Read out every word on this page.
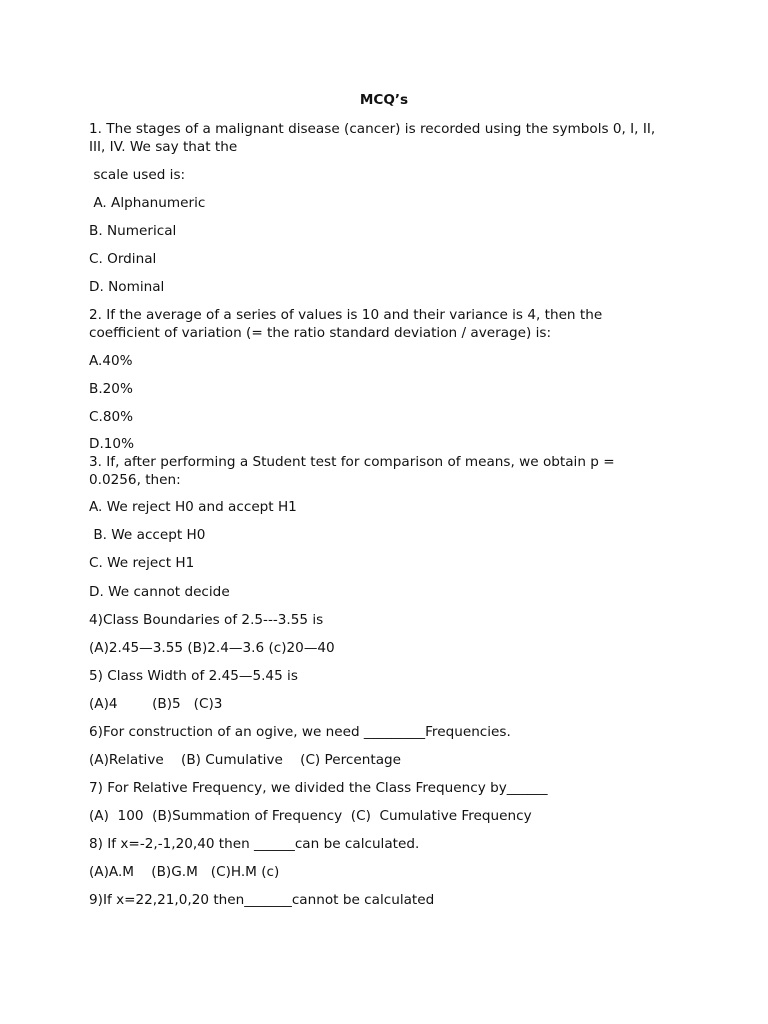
MCQ’s
1. The stages of a malignant disease (cancer) is recorded using the symbols 0, I, II,
III, IV. We say that the
scale used is:
A. Alphanumeric
B. Numerical
C. Ordinal
D. Nominal
2. If the average of a series of values is 10 and their variance is 4, then the
coefficient of variation (= the ratio standard deviation / average) is:
A.40%
B.20%
C.80%
D.10%
3. If, after performing a Student test for comparison of means, we obtain p =
0.0256, then:
A. We reject H0 and accept H1
B. We accept H0
C. We reject H1
D. We cannot decide
4)Class Boundaries of 2.5---3.55 is
(A)2.45—3.55 (B)2.4—3.6 (c)20—40
5) Class Width of 2.45—5.45 is
(A)4        (B)5   (C)3
6)For construction of an ogive, we need _________Frequencies.
(A)Relative    (B) Cumulative    (C) Percentage
7) For Relative Frequency, we divided the Class Frequency by______
(A)  100  (B)Summation of Frequency  (C)  Cumulative Frequency
8) If x=-2,-1,20,40 then ______can be calculated.
(A)A.M    (B)G.M   (C)H.M (c)
9)If x=22,21,0,20 then_______cannot be calculated
